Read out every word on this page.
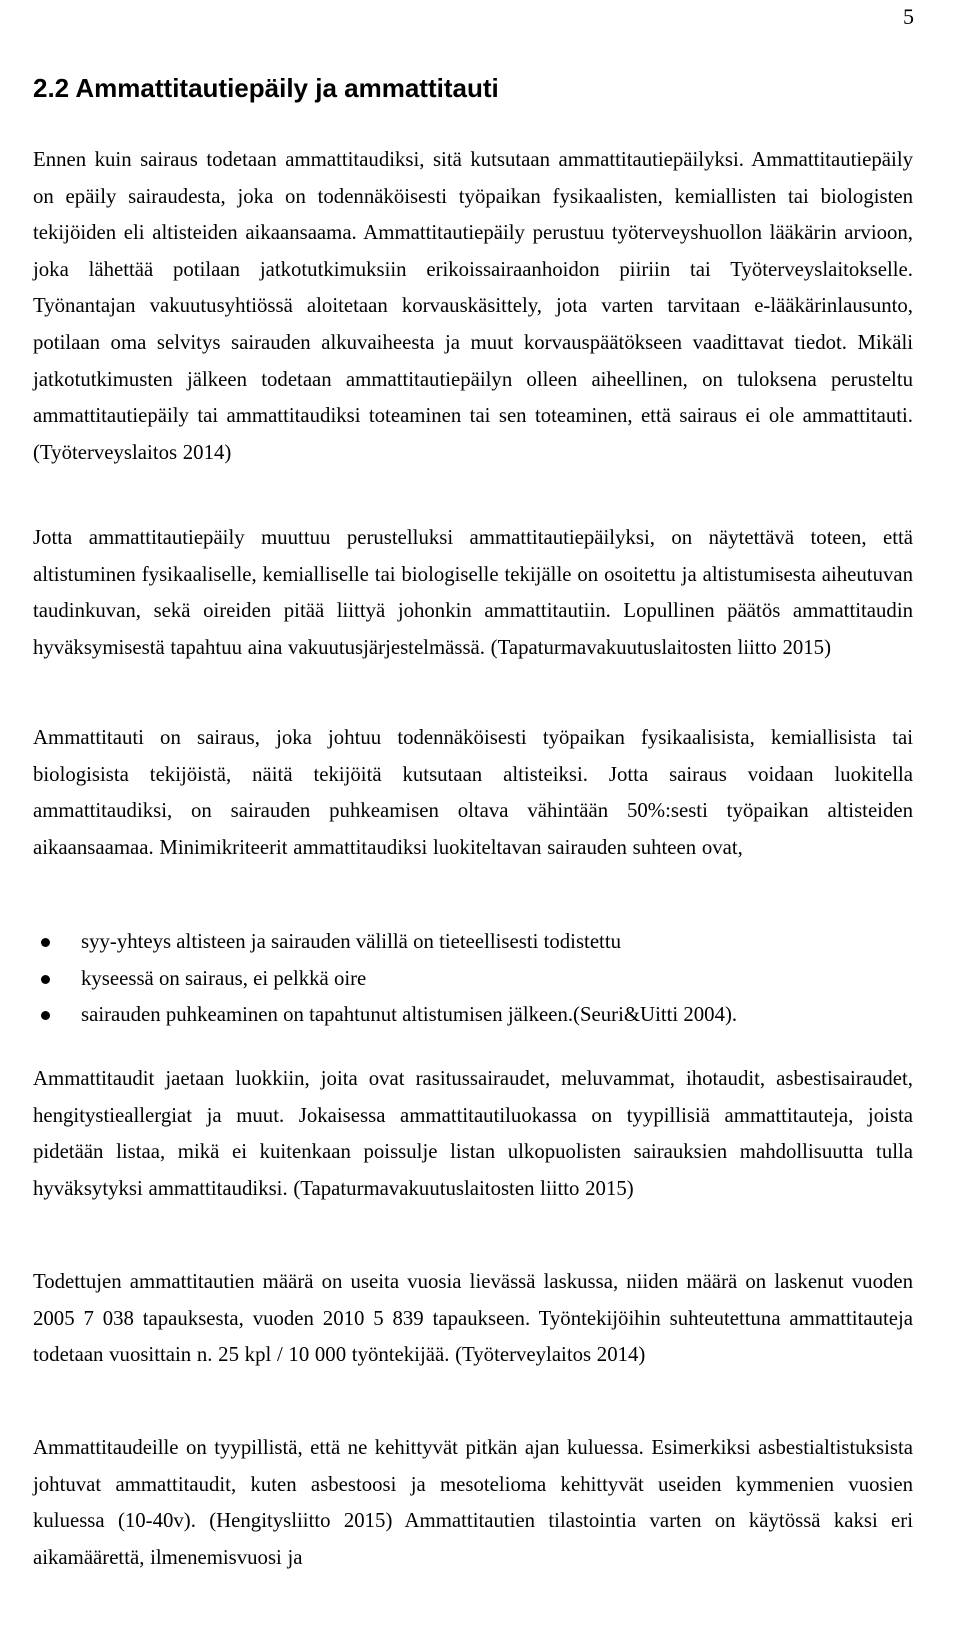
5
2.2 Ammattitautiepäily ja ammattitauti

Ennen kuin sairaus todetaan ammattitaudiksi, sitä kutsutaan ammattitautiepäilyksi. Ammattitautiepäily on epäily sairaudesta, joka on todennäköisesti työpaikan fysikaalisten, kemiallisten tai biologisten tekijöiden eli altisteiden aikaansaama. Ammattitautiepäily perustuu työterveyshuollon lääkärin arvioon, joka lähettää potilaan jatkotutkimuksiin erikoissairaanhoidon piiriin tai Työterveyslaitokselle. Työnantajan vakuutusyhtiössä aloitetaan korvauskäsittely, jota varten tarvitaan e-lääkärinlausunto, potilaan oma selvitys sairauden alkuvaiheesta ja muut korvauspäätökseen vaadittavat tiedot. Mikäli jatkotutkimusten jälkeen todetaan ammattitautiepäilyn olleen aiheellinen, on tuloksena perusteltu ammattitautiepäily tai ammattitaudiksi toteaminen tai sen toteaminen, että sairaus ei ole ammattitauti. (Työterveyslaitos 2014)

Jotta ammattitautiepäily muuttuu perustelluksi ammattitautiepäilyksi, on näytettävä toteen, että altistuminen fysikaaliselle, kemialliselle tai biologiselle tekijälle on osoitettu ja altistumisesta aiheutuvan taudinkuvan, sekä oireiden pitää liittyä johonkin ammattitautiin. Lopullinen päätös ammattitaudin hyväksymisestä tapahtuu aina vakuutusjärjestelmässä. (Tapaturmavakuutuslaitosten liitto 2015)

Ammattitauti on sairaus, joka johtuu todennäköisesti työpaikan fysikaalisista, kemiallisista tai biologisista tekijöistä, näitä tekijöitä kutsutaan altisteiksi. Jotta sairaus voidaan luokitella ammattitaudiksi, on sairauden puhkeamisen oltava vähintään 50%:sesti työpaikan altisteiden aikaansaamaa. Minimikriteerit ammattitaudiksi luokiteltavan sairauden suhteen ovat,

syy-yhteys altisteen ja sairauden välillä on tieteellisesti todistettu
kyseessä on sairaus, ei pelkkä oire
sairauden puhkeaminen on tapahtunut altistumisen jälkeen.(Seuri&Uitti 2004).

Ammattitaudit jaetaan luokkiin, joita ovat rasitussairaudet, meluvammat, ihotaudit, asbestisairaudet, hengitystieallergiat ja muut. Jokaisessa ammattitautiluokassa on tyypillisiä ammattitauteja, joista pidetään listaa, mikä ei kuitenkaan poissulje listan ulkopuolisten sairauksien mahdollisuutta tulla hyväksytyksi ammattitaudiksi. (Tapaturmavakuutuslaitosten liitto 2015)

Todettujen ammattitautien määrä on useita vuosia lievässä laskussa, niiden määrä on laskenut vuoden 2005 7 038 tapauksesta, vuoden 2010 5 839 tapaukseen. Työntekijöihin suhteutettuna ammattitauteja todetaan vuosittain n. 25 kpl / 10 000 työntekijää. (Työterveylaitos 2014)

Ammattitaudeille on tyypillistä, että ne kehittyvät pitkän ajan kuluessa. Esimerkiksi asbestialtistuksista johtuvat ammattitaudit, kuten asbestoosi ja mesotelioma kehittyvät useiden kymmenien vuosien kuluessa (10-40v). (Hengitysliitto 2015) Ammattitautien tilastointia varten on käytössä kaksi eri aikamäärettä, ilmenemisvuosi ja
